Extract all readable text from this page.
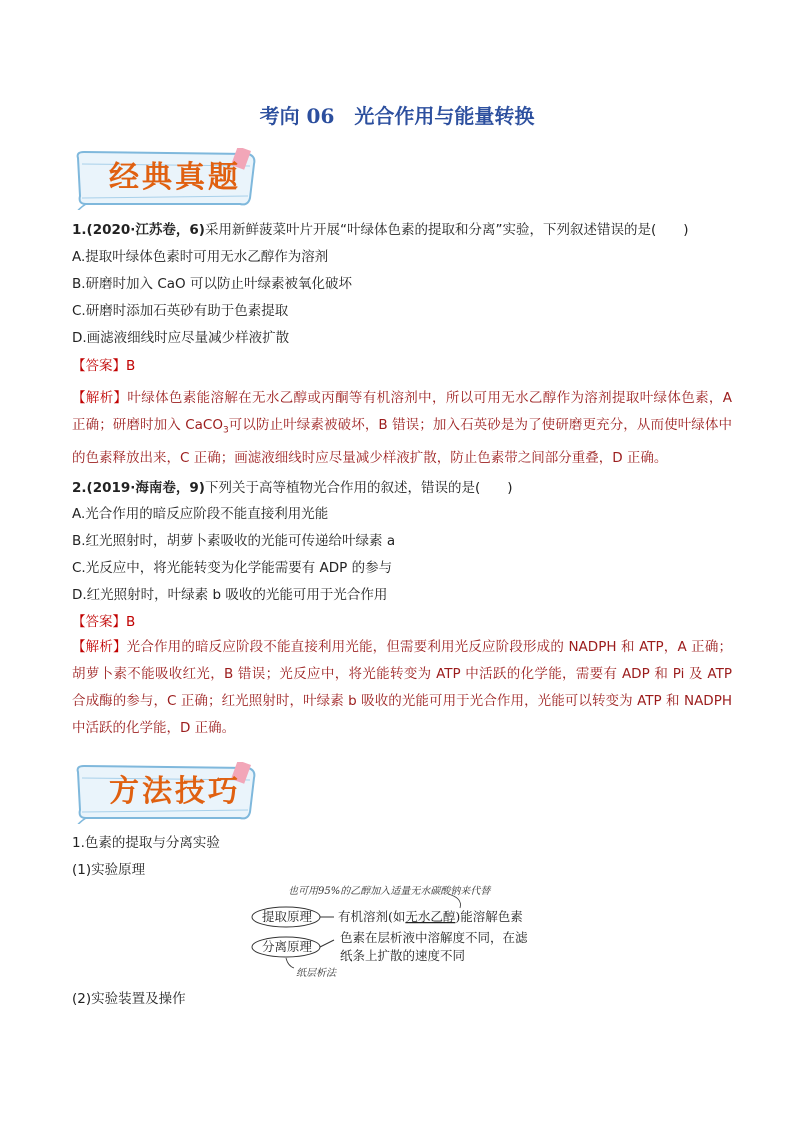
考向 06　光合作用与能量转换
经典真题
1.(2020·江苏卷，6)采用新鲜菠菜叶片开展“叶绿体色素的提取和分离”实验，下列叙述错误的是(　　)
A.提取叶绿体色素时可用无水乙醇作为溶剂
B.研磨时加入 CaO 可以防止叶绿素被氧化破坏
C.研磨时添加石英砂有助于色素提取
D.画滤液细线时应尽量减少样液扩散
【答案】B
【解析】叶绿体色素能溶解在无水乙醇或丙酮等有机溶剂中，所以可用无水乙醇作为溶剂提取叶绿体色素，A 正确；研磨时加入 CaCO$_3$可以防止叶绿素被破坏，B 错误；加入石英砂是为了使研磨更充分，从而使叶绿体中的色素释放出来，C 正确；画滤液细线时应尽量减少样液扩散，防止色素带之间部分重叠，D 正确。
2.(2019·海南卷，9)下列关于高等植物光合作用的叙述，错误的是(　　)
A.光合作用的暗反应阶段不能直接利用光能
B.红光照射时，胡萝卜素吸收的光能可传递给叶绿素 a
C.光反应中，将光能转变为化学能需要有 ADP 的参与
D.红光照射时，叶绿素 b 吸收的光能可用于光合作用
【答案】B
【解析】光合作用的暗反应阶段不能直接利用光能，但需要利用光反应阶段形成的 NADPH 和 ATP，A 正确；胡萝卜素不能吸收红光，B 错误；光反应中，将光能转变为 ATP 中活跃的化学能，需要有 ADP 和 Pi 及 ATP 合成酶的参与，C 正确；红光照射时，叶绿素 b 吸收的光能可用于光合作用，光能可以转变为 ATP 和 NADPH 中活跃的化学能，D 正确。
方法技巧
1.色素的提取与分离实验
(1)实验原理
也可用95%的乙醇加入适量无水碳酸钠来代替
提取原理 有机溶剂(如无水乙醇)能溶解色素
分离原理
色素在层析液中溶解度不同，在滤
纸条上扩散的速度不同
纸层析法
(2)实验装置及操作
